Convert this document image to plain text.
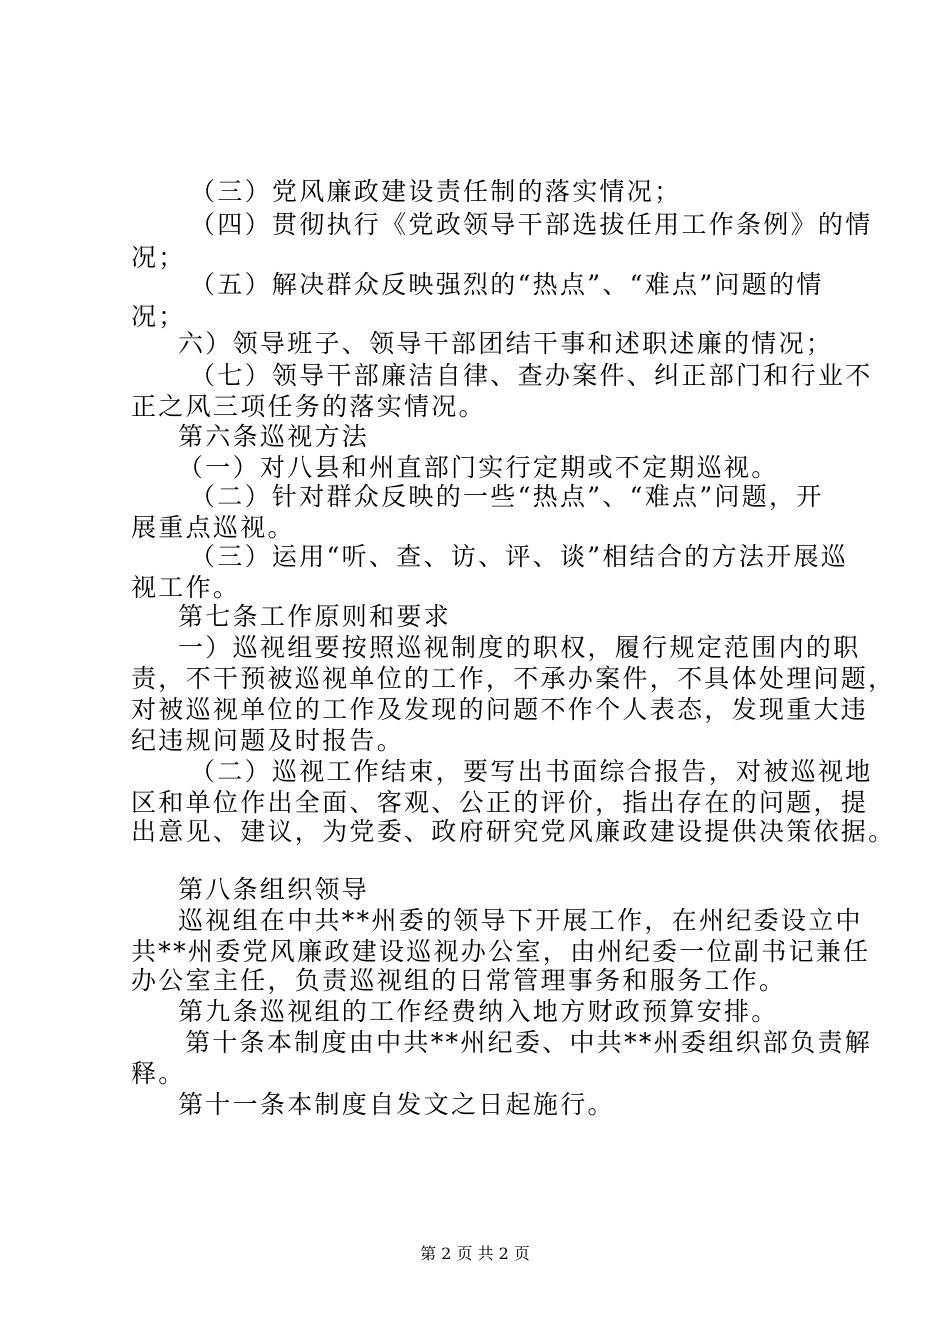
（三）党风廉政建设责任制的落实情况；
（四）贯彻执行《党政领导干部选拔任用工作条例》的情
况；
（五）解决群众反映强烈的“热点”、“难点”问题的情
况；
六）领导班子、领导干部团结干事和述职述廉的情况；
（七）领导干部廉洁自律、查办案件、纠正部门和行业不
正之风三项任务的落实情况。
第六条巡视方法
（一）对八县和州直部门实行定期或不定期巡视。
（二）针对群众反映的一些“热点”、“难点”问题，开
展重点巡视。
（三）运用“听、查、访、评、谈”相结合的方法开展巡
视工作。
第七条工作原则和要求
一）巡视组要按照巡视制度的职权，履行规定范围内的职
责，不干预被巡视单位的工作，不承办案件，不具体处理问题，
对被巡视单位的工作及发现的问题不作个人表态，发现重大违
纪违规问题及时报告。
（二）巡视工作结束，要写出书面综合报告，对被巡视地
区和单位作出全面、客观、公正的评价，指出存在的问题，提
出意见、建议，为党委、政府研究党风廉政建设提供决策依据。
第八条组织领导
巡视组在中共**州委的领导下开展工作，在州纪委设立中
共**州委党风廉政建设巡视办公室，由州纪委一位副书记兼任
办公室主任，负责巡视组的日常管理事务和服务工作。
第九条巡视组的工作经费纳入地方财政预算安排。
第十条本制度由中共**州纪委、中共**州委组织部负责解
释。
第十一条本制度自发文之日起施行。
第 2 页 共 2 页
